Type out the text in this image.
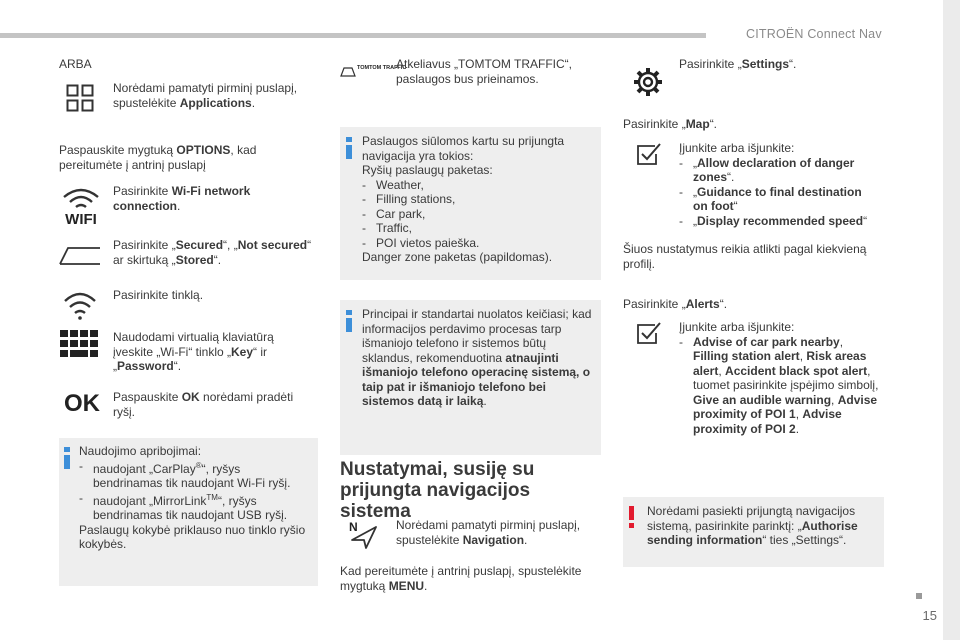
CITROËN Connect Nav
15
ARBA
Norėdami pamatyti pirminį puslapį, spustelėkite Applications.
Paspauskite mygtuką OPTIONS, kad pereitumėte į antrinį puslapį
WIFI
Pasirinkite Wi-Fi network connection.
Pasirinkite „Secured“, „Not secured“ ar skirtuką „Stored“.
Pasirinkite tinklą.
Naudodami virtualią klaviatūrą įveskite „Wi-Fi“ tinklo „Key“ ir „Password“.
OK Paspauskite OK norėdami pradėti ryšį.
Naudojimo apribojimai:
- naudojant „CarPlay®“, ryšys bendrinamas tik naudojant Wi-Fi ryšį.
- naudojant „MirrorLink™“, ryšys bendrinamas tik naudojant USB ryšį.
Paslaugų kokybė priklauso nuo tinklo ryšio kokybės.
TOMTOM TRAFFIC
Atkeliavus „TOMTOM TRAFFIC“, paslaugos bus prieinamos.
Paslaugos siūlomos kartu su prijungta navigacija yra tokios:
Ryšių paslaugų paketas:
- Weather,
- Filling stations,
- Car park,
- Traffic,
- POI vietos paieška.
Danger zone paketas (papildomas).
Principai ir standartai nuolatos keičiasi; kad informacijos perdavimo procesas tarp išmaniojo telefono ir sistemos būtų sklandus, rekomenduotina atnaujinti išmaniojo telefono operacinę sistemą, o taip pat ir išmaniojo telefono bei sistemos datą ir laiką.
Nustatymai, susiję su prijungta navigacijos sistema
N	Norėdami pamatyti pirminį puslapį, spustelėkite Navigation.
Kad pereitumėte į antrinį puslapį, spustelėkite mygtuką MENU.
Pasirinkite „Settings“.
Pasirinkite „Map“.
Įjunkite arba išjunkite:
- „Allow declaration of danger zones“.
- „Guidance to final destination on foot“
- „Display recommended speed“
Šiuos nustatymus reikia atlikti pagal kiekvieną profilį.
Pasirinkite „Alerts“.
Įjunkite arba išjunkite:
- Advise of car park nearby, Filling station alert, Risk areas alert, Accident black spot alert, tuomet pasirinkite įspėjimo simbolį, Give an audible warning, Advise proximity of POI 1, Advise proximity of POI 2.
Norėdami pasiekti prijungtą navigacijos sistemą, pasirinkite parinktį: „Authorise sending information“ ties „Settings“.
